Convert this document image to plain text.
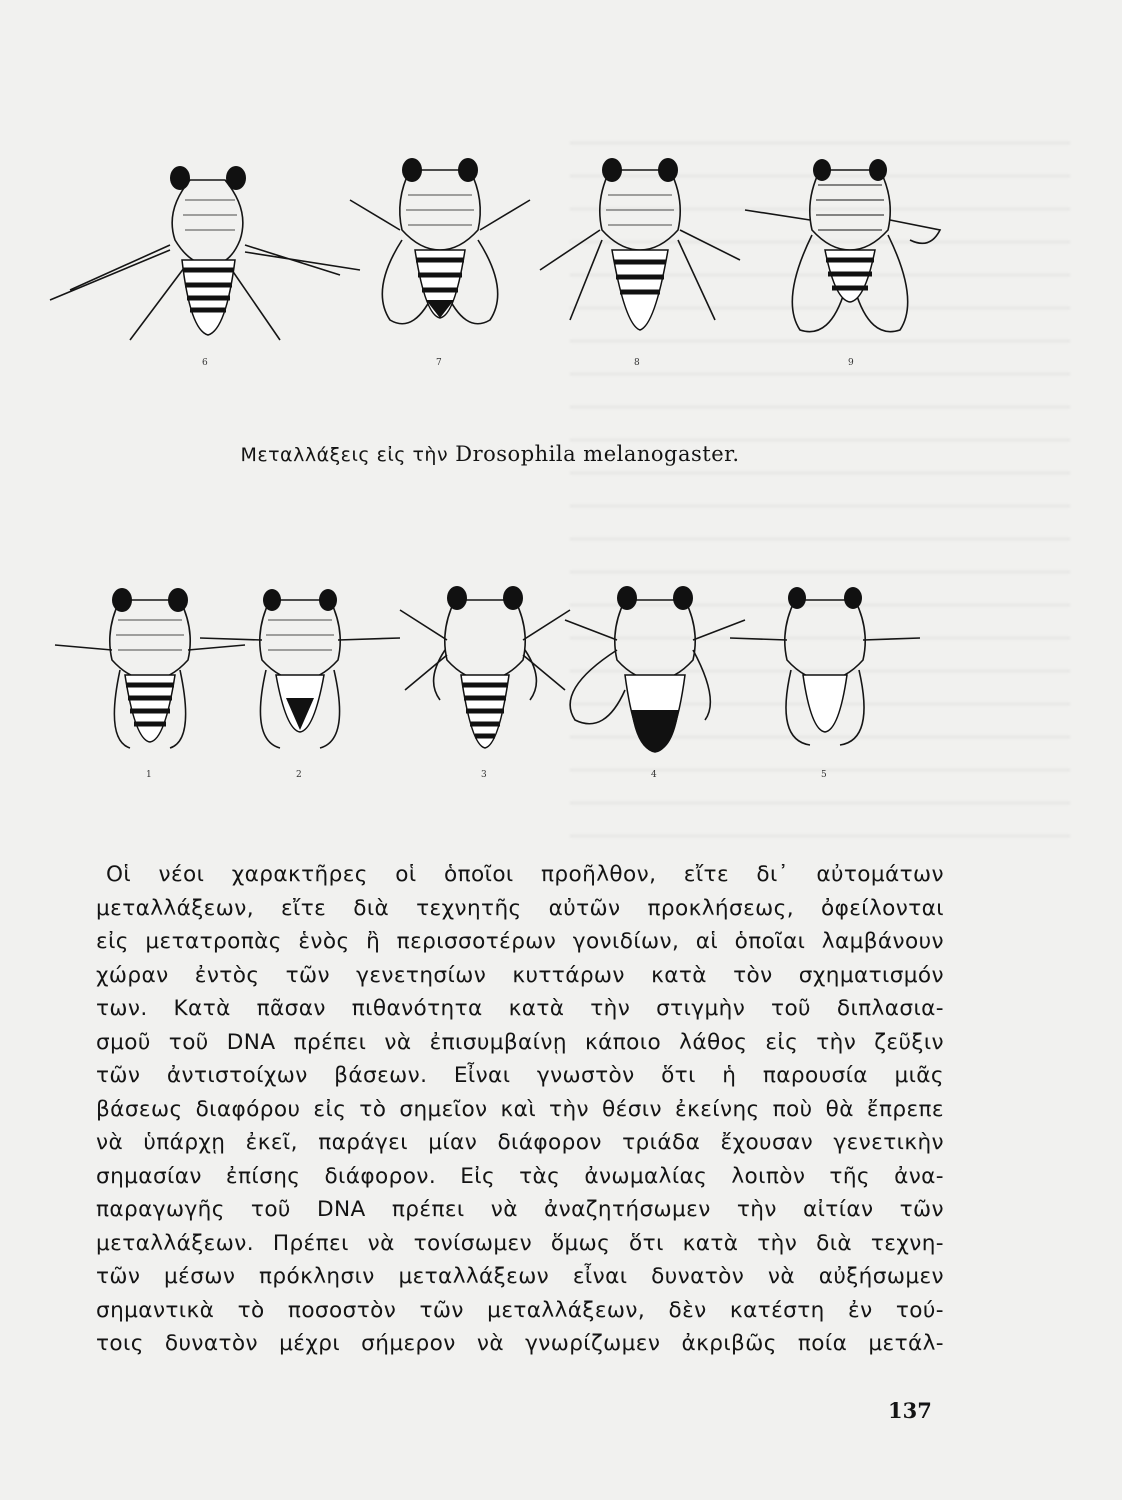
6	7	8	9
Μεταλλάξεις εἰς τὴν Drosophila melanogaster.
1	2	3	4	5
Οἱ νέοι χαρακτῆρες οἱ ὁποῖοι προῆλθον, εἴτε δι᾽ αὐτομάτων
μεταλλάξεων, εἴτε διὰ τεχνητῆς αὐτῶν προκλήσεως, ὀφείλονται
εἰς μετατροπὰς ἑνὸς ἢ περισσοτέρων γονιδίων, αἱ ὁποῖαι λαμβάνουν
χώραν ἐντὸς τῶν γενετησίων κυττάρων κατὰ τὸν σχηματισμόν
των. Κατὰ πᾶσαν πιθανότητα κατὰ τὴν στιγμὴν τοῦ διπλασια-
σμοῦ τοῦ DNA πρέπει νὰ ἐπισυμβαίνῃ κάποιο λάθος εἰς τὴν ζεῦξιν
τῶν ἀντιστοίχων βάσεων. Εἶναι γνωστὸν ὅτι ἡ παρουσία μιᾶς
βάσεως διαφόρου εἰς τὸ σημεῖον καὶ τὴν θέσιν ἐκείνης ποὺ θὰ ἔπρεπε
νὰ ὑπάρχῃ ἐκεῖ, παράγει μίαν διάφορον τριάδα ἔχουσαν γενετικὴν
σημασίαν ἐπίσης διάφορον. Εἰς τὰς ἀνωμαλίας λοιπὸν τῆς ἀνα-
παραγωγῆς τοῦ DNA πρέπει νὰ ἀναζητήσωμεν τὴν αἰτίαν τῶν
μεταλλάξεων. Πρέπει νὰ τονίσωμεν ὅμως ὅτι κατὰ τὴν διὰ τεχνη-
τῶν μέσων πρόκλησιν μεταλλάξεων εἶναι δυνατὸν νὰ αὐξήσωμεν
σημαντικὰ τὸ ποσοστὸν τῶν μεταλλάξεων, δὲν κατέστη ἐν τού-
τοις δυνατὸν μέχρι σήμερον νὰ γνωρίζωμεν ἀκριβῶς ποία μετάλ-
137
